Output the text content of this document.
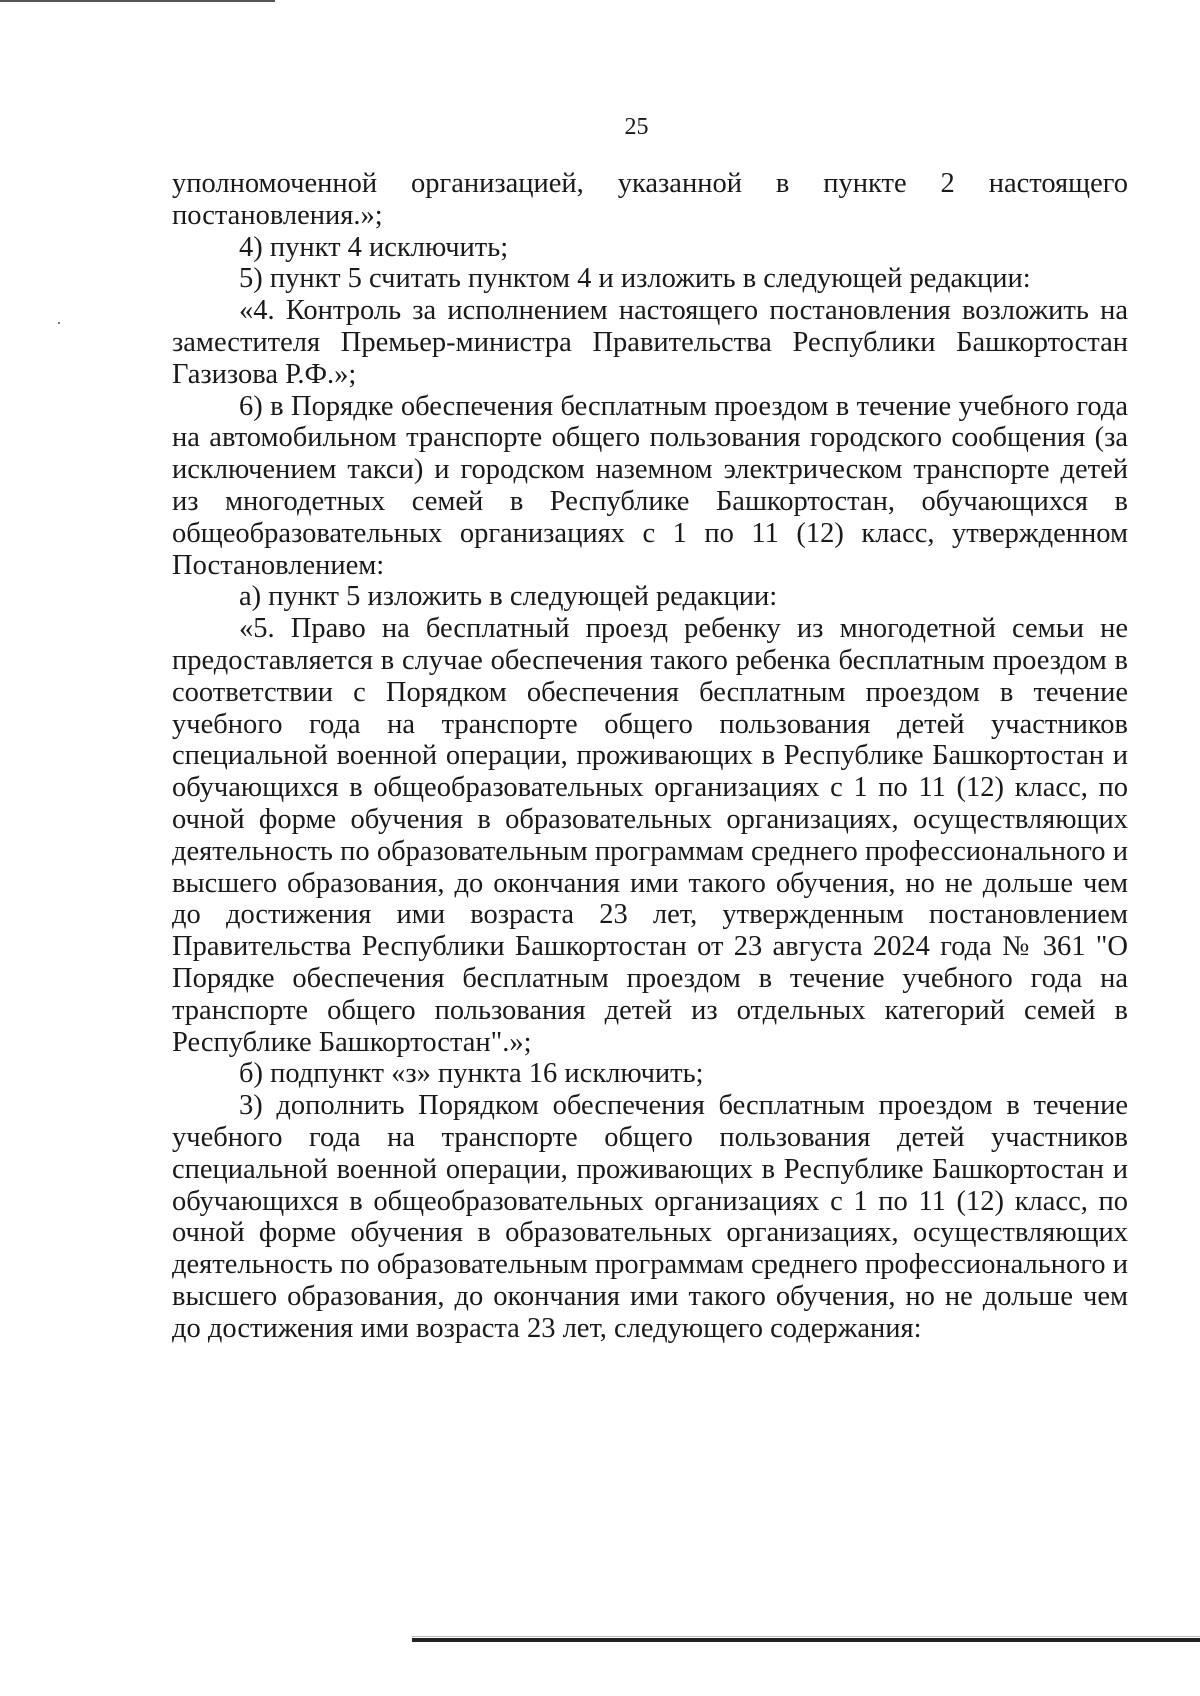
25

уполномоченной организацией, указанной в пункте 2 настоящего постановления.»;

4) пункт 4 исключить;

5) пункт 5 считать пунктом 4 и изложить в следующей редакции:

«4. Контроль за исполнением настоящего постановления возложить на заместителя Премьер-министра Правительства Республики Башкортостан Газизова Р.Ф.»;

6) в Порядке обеспечения бесплатным проездом в течение учебного года на автомобильном транспорте общего пользования городского сообщения (за исключением такси) и городском наземном электрическом транспорте детей из многодетных семей в Республике Башкортостан, обучающихся в общеобразовательных организациях с 1 по 11 (12) класс, утвержденном Постановлением:

а) пункт 5 изложить в следующей редакции:

«5. Право на бесплатный проезд ребенку из многодетной семьи не предоставляется в случае обеспечения такого ребенка бесплатным проездом в соответствии с Порядком обеспечения бесплатным проездом в течение учебного года на транспорте общего пользования детей участников специальной военной операции, проживающих в Республике Башкортостан и обучающихся в общеобразовательных организациях с 1 по 11 (12) класс, по очной форме обучения в образовательных организациях, осуществляющих деятельность по образовательным программам среднего профессионального и высшего образования, до окончания ими такого обучения, но не дольше чем до достижения ими возраста 23 лет, утвержденным постановлением Правительства Республики Башкортостан от 23 августа 2024 года № 361 "О Порядке обеспечения бесплатным проездом в течение учебного года на транспорте общего пользования детей из отдельных категорий семей в Республике Башкортостан".»;

б) подпункт «з» пункта 16 исключить;

3) дополнить Порядком обеспечения бесплатным проездом в течение учебного года на транспорте общего пользования детей участников специальной военной операции, проживающих в Республике Башкортостан и обучающихся в общеобразовательных организациях с 1 по 11 (12) класс, по очной форме обучения в образовательных организациях, осуществляющих деятельность по образовательным программам среднего профессионального и высшего образования, до окончания ими такого обучения, но не дольше чем до достижения ими возраста 23 лет, следующего содержания:
